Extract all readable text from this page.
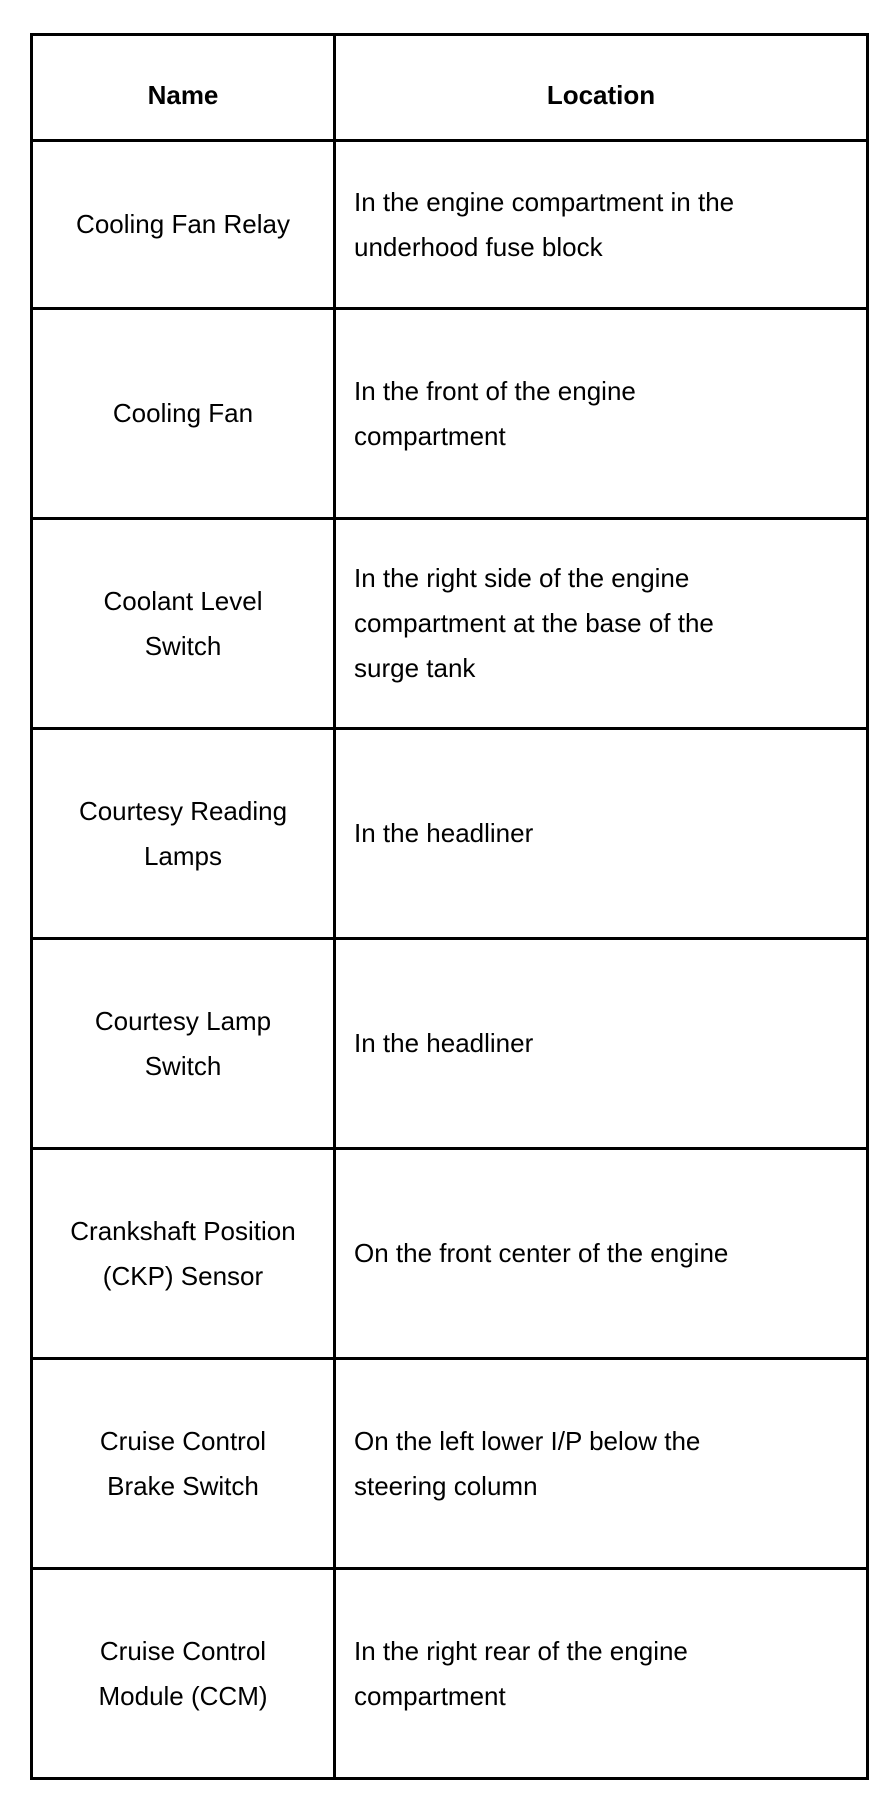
Name	Location

Cooling Fan Relay	In the engine compartment in the underhood fuse block

Cooling Fan	In the front of the engine compartment

Coolant Level Switch	In the right side of the engine compartment at the base of the surge tank

Courtesy Reading Lamps	In the headliner

Courtesy Lamp Switch	In the headliner

Crankshaft Position (CKP) Sensor	On the front center of the engine

Cruise Control Brake Switch	On the left lower I/P below the steering column

Cruise Control Module (CCM)	In the right rear of the engine compartment
